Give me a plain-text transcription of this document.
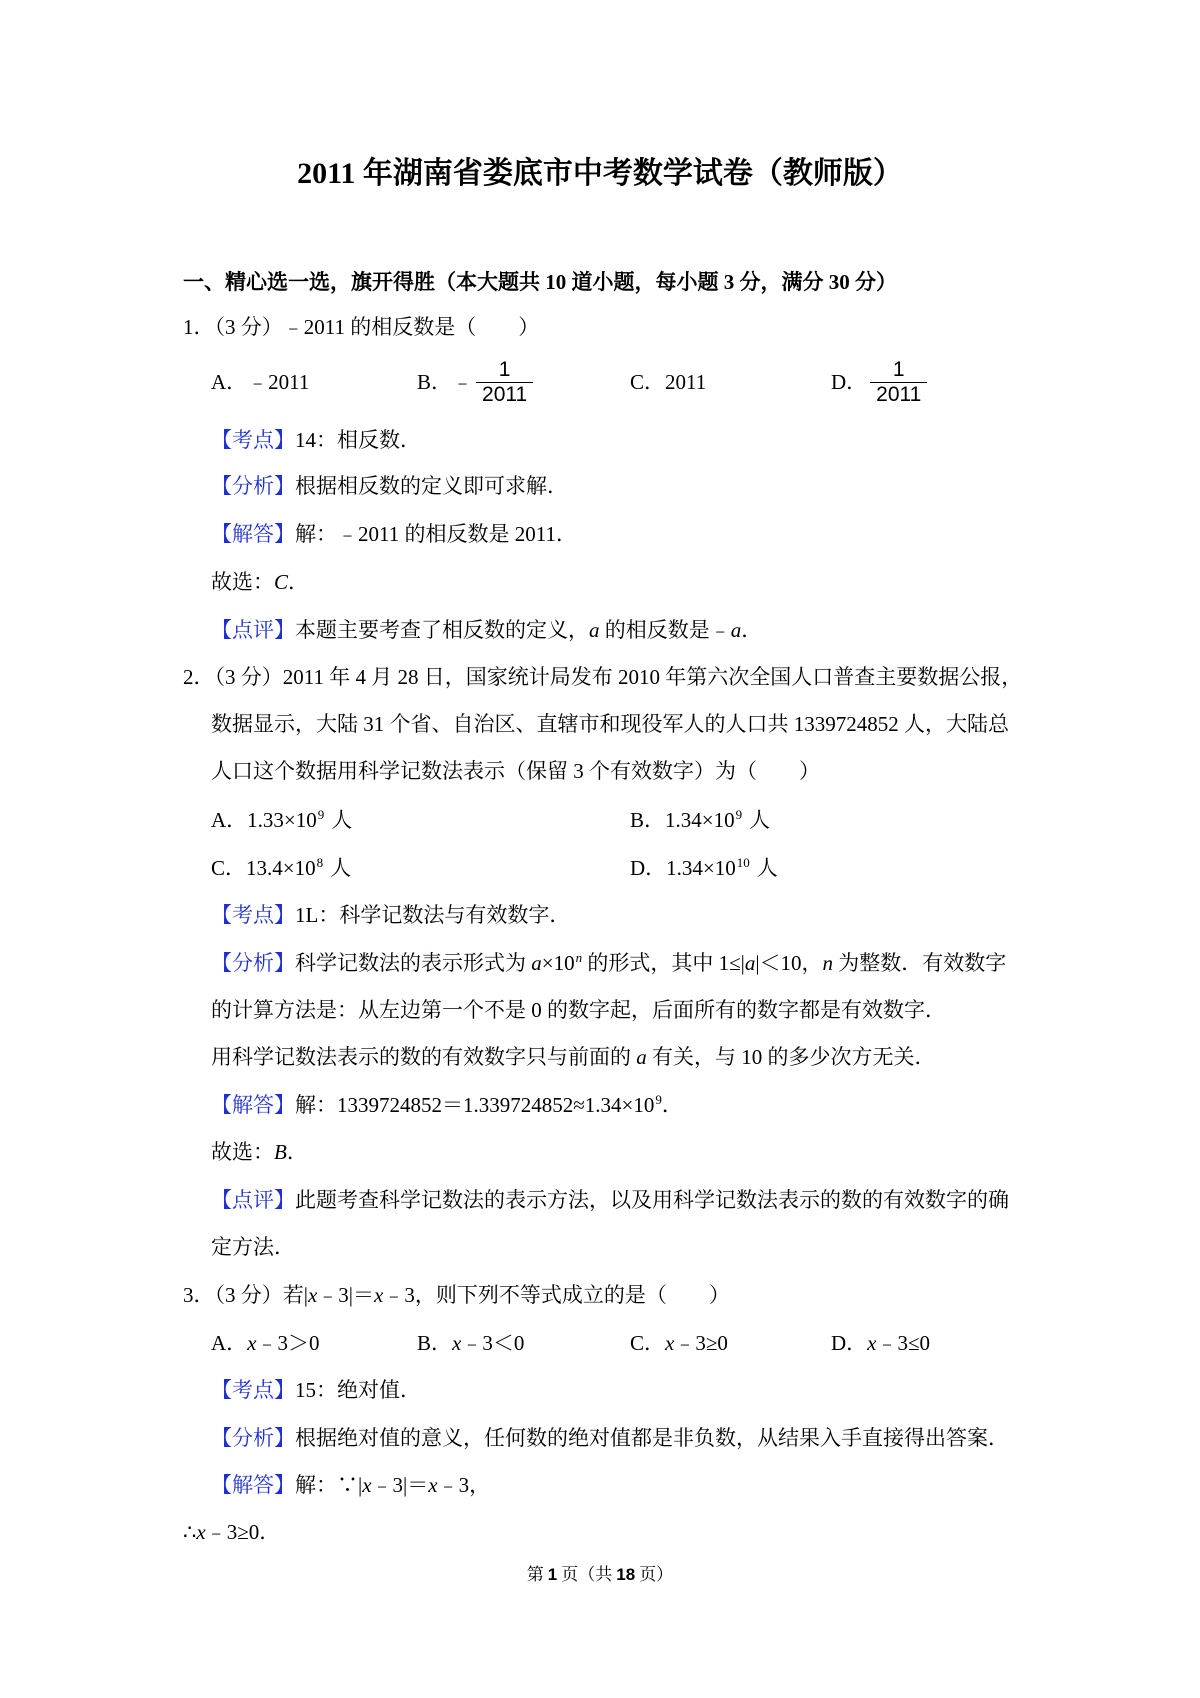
2011 年湖南省娄底市中考数学试卷（教师版）
一、精心选一选，旗开得胜（本大题共 10 道小题，每小题 3 分，满分 30 分）
1．（3 分）﹣2011 的相反数是（　　）
A． ﹣2011	B． ﹣ $\frac{1}{2011}$	C． 2011	D． $\frac{1}{2011}$
【考点】14：相反数．
【分析】根据相反数的定义即可求解．
【解答】解：﹣2011 的相反数是 2011．
故选：C．
【点评】本题主要考查了相反数的定义，a 的相反数是﹣a．
2．（3 分）2011 年 4 月 28 日，国家统计局发布 2010 年第六次全国人口普查主要数据公报，
数据显示，大陆 31 个省、自治区、直辖市和现役军人的人口共 1339724852 人，大陆总
人口这个数据用科学记数法表示（保留 3 个有效数字）为（　　）
A．$1.33\times 10^9$ 人	B．$1.34\times 10^9$ 人
C．$13.4\times 10^8$ 人	D．$1.34\times 10^{10}$ 人
【考点】1L：科学记数法与有效数字．
【分析】科学记数法的表示形式为 $a\times 10^n$ 的形式，其中 1≤|a|＜10，n 为整数．有效数字
的计算方法是：从左边第一个不是 0 的数字起，后面所有的数字都是有效数字．
用科学记数法表示的数的有效数字只与前面的 a 有关，与 10 的多少次方无关．
【解答】解：$1339724852=1.339724852\approx 1.34\times 10^9$．
故选：B．
【点评】此题考查科学记数法的表示方法，以及用科学记数法表示的数的有效数字的确
定方法．
3．（3 分）若|x﹣3|＝x﹣3，则下列不等式成立的是（　　）
A．x﹣3＞0	B．x﹣3＜0	C．x﹣3≥0	D．x﹣3≤0
【考点】15：绝对值．
【分析】根据绝对值的意义，任何数的绝对值都是非负数，从结果入手直接得出答案．
【解答】解：∵|x﹣3|＝x﹣3，
∴x﹣3≥0．
第 1 页（共 18 页）
